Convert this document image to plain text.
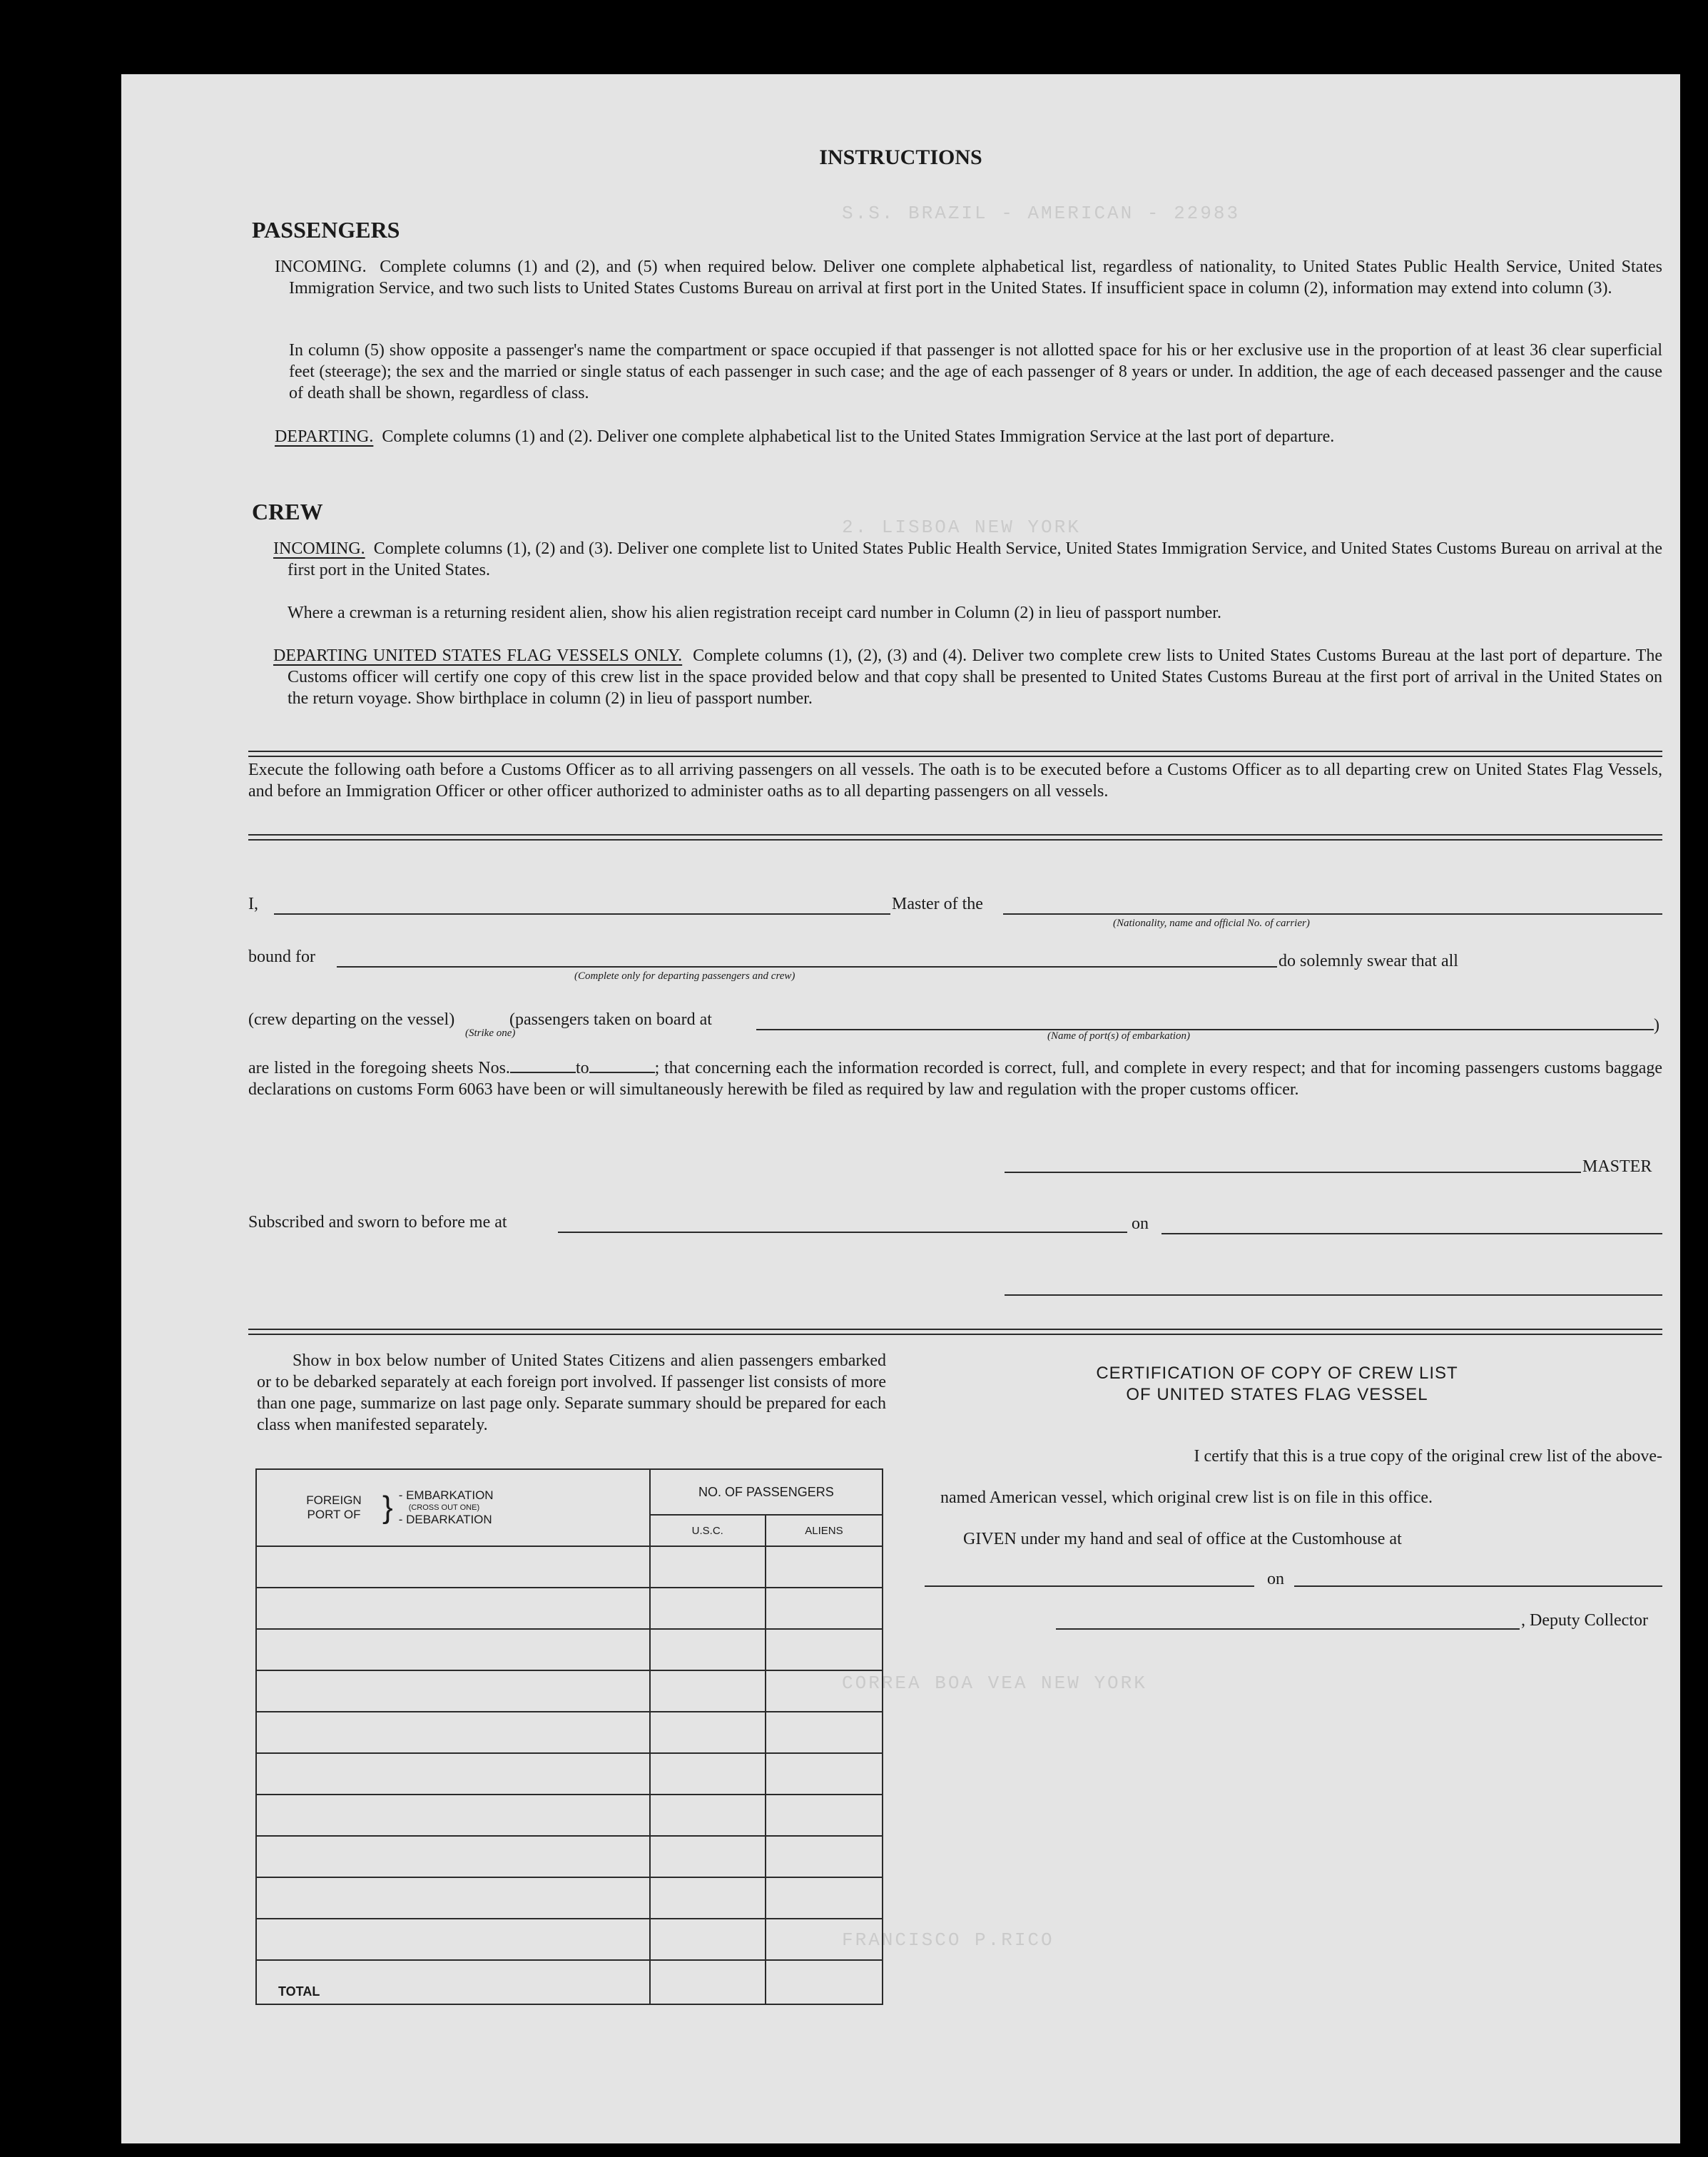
S.S. BRAZIL - AMERICAN - 22983
2. LISBOA NEW YORK
CORREA BOA VEA NEW YORK
FRANCISCO P.RICO
INSTRUCTIONS
PASSENGERS
INCOMING. Complete columns (1) and (2), and (5) when required below. Deliver one complete alphabetical list, regardless of nationality, to United States Public Health Service, United States Immigration Service, and two such lists to United States Customs Bureau on arrival at first port in the United States. If insufficient space in column (2), information may extend into column (3).
In column (5) show opposite a passenger's name the compartment or space occupied if that passenger is not allotted space for his or her exclusive use in the proportion of at least 36 clear superficial feet (steerage); the sex and the married or single status of each passenger in such case; and the age of each passenger of 8 years or under. In addition, the age of each deceased passenger and the cause of death shall be shown, regardless of class.
DEPARTING. Complete columns (1) and (2). Deliver one complete alphabetical list to the United States Immigration Service at the last port of departure.
CREW
INCOMING. Complete columns (1), (2) and (3). Deliver one complete list to United States Public Health Service, United States Immigration Service, and United States Customs Bureau on arrival at the first port in the United States.
Where a crewman is a returning resident alien, show his alien registration receipt card number in Column (2) in lieu of passport number.
DEPARTING UNITED STATES FLAG VESSELS ONLY. Complete columns (1), (2), (3) and (4). Deliver two complete crew lists to United States Customs Bureau at the last port of departure. The Customs officer will certify one copy of this crew list in the space provided below and that copy shall be presented to United States Customs Bureau at the first port of arrival in the United States on the return voyage. Show birthplace in column (2) in lieu of passport number.
Execute the following oath before a Customs Officer as to all arriving passengers on all vessels. The oath is to be executed before a Customs Officer as to all departing crew on United States Flag Vessels, and before an Immigration Officer or other officer authorized to administer oaths as to all departing passengers on all vessels.
I,	Master of the
(Nationality, name and official No. of carrier)
bound for
(Complete only for departing passengers and crew)
do solemnly swear that all
(crew departing on the vessel)	(passengers taken on board at
(Strike one)	(Name of port(s) of embarkation)
)
are listed in the foregoing sheets Nos.	to	; that concerning each the information recorded is correct, full, and complete in every respect; and that for incoming passengers customs baggage declarations on customs Form 6063 have been or will simultaneously herewith be filed as required by law and regulation with the proper customs officer.
MASTER
Subscribed and sworn to before me at	on
Show in box below number of United States Citizens and alien passengers embarked or to be debarked separately at each foreign port involved. If passenger list consists of more than one page, summarize on last page only. Separate summary should be prepared for each class when manifested separately.
FOREIGN PORT OF } - EMBARKATION
(CROSS OUT ONE)
- DEBARKATION	NO. OF PASSENGERS	
	U.S.C.	ALIENS

TOTAL		
CERTIFICATION OF COPY OF CREW LIST
OF UNITED STATES FLAG VESSEL
I certify that this is a true copy of the original crew list of the above-
named American vessel, which original crew list is on file in this office.
GIVEN under my hand and seal of office at the Customhouse at
on
, Deputy Collector
